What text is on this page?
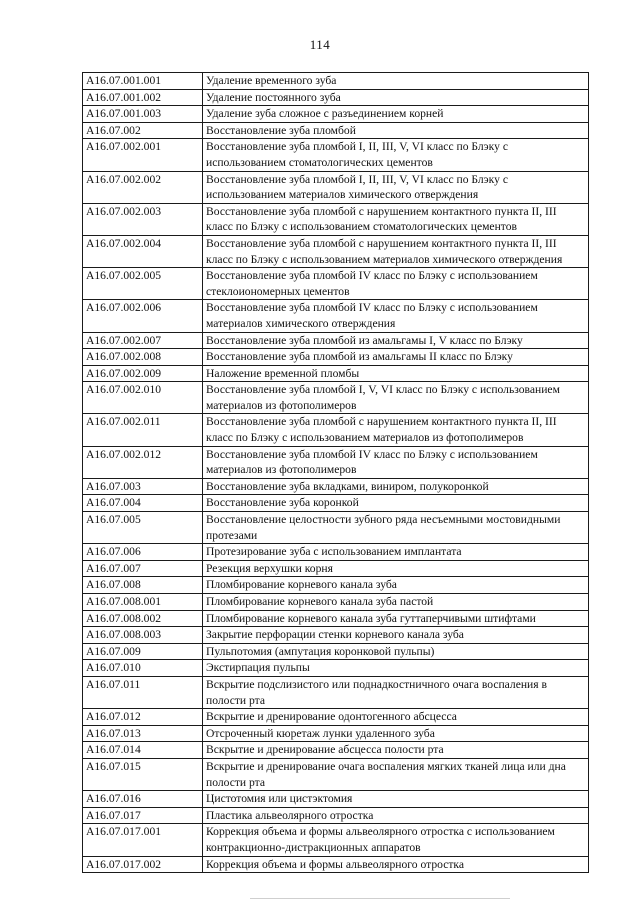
114
A16.07.001.001	Удаление временного зуба
A16.07.001.002	Удаление постоянного зуба
A16.07.001.003	Удаление зуба сложное с разъединением корней
A16.07.002	Восстановление зуба пломбой
A16.07.002.001	Восстановление зуба пломбой I, II, III, V, VI класс по Блэку с использованием стоматологических цементов
A16.07.002.002	Восстановление зуба пломбой I, II, III, V, VI класс по Блэку с использованием материалов химического отверждения
A16.07.002.003	Восстановление зуба пломбой с нарушением контактного пункта II, III класс по Блэку с использованием стоматологических цементов
A16.07.002.004	Восстановление зуба пломбой с нарушением контактного пункта II, III класс по Блэку с использованием материалов химического отверждения
A16.07.002.005	Восстановление зуба пломбой IV класс по Блэку с использованием стеклоиономерных цементов
A16.07.002.006	Восстановление зуба пломбой IV класс по Блэку с использованием материалов химического отверждения
A16.07.002.007	Восстановление зуба пломбой из амальгамы I, V класс по Блэку
A16.07.002.008	Восстановление зуба пломбой из амальгамы II класс по Блэку
A16.07.002.009	Наложение временной пломбы
A16.07.002.010	Восстановление зуба пломбой I, V, VI класс по Блэку с использованием материалов из фотополимеров
A16.07.002.011	Восстановление зуба пломбой с нарушением контактного пункта II, III класс по Блэку с использованием материалов из фотополимеров
A16.07.002.012	Восстановление зуба пломбой IV класс по Блэку с использованием материалов из фотополимеров
A16.07.003	Восстановление зуба вкладками, виниром, полукоронкой
A16.07.004	Восстановление зуба коронкой
A16.07.005	Восстановление целостности зубного ряда несъемными мостовидными протезами
A16.07.006	Протезирование зуба с использованием имплантата
A16.07.007	Резекция верхушки корня
A16.07.008	Пломбирование корневого канала зуба
A16.07.008.001	Пломбирование корневого канала зуба пастой
A16.07.008.002	Пломбирование корневого канала зуба гуттаперчивыми штифтами
A16.07.008.003	Закрытие перфорации стенки корневого канала зуба
A16.07.009	Пульпотомия (ампутация коронковой пульпы)
A16.07.010	Экстирпация пульпы
A16.07.011	Вскрытие подслизистого или поднадкостничного очага воспаления в полости рта
A16.07.012	Вскрытие и дренирование одонтогенного абсцесса
A16.07.013	Отсроченный кюретаж лунки удаленного зуба
A16.07.014	Вскрытие и дренирование абсцесса полости рта
A16.07.015	Вскрытие и дренирование очага воспаления мягких тканей лица или дна полости рта
A16.07.016	Цистотомия или цистэктомия
A16.07.017	Пластика альвеолярного отростка
A16.07.017.001	Коррекция объема и формы альвеолярного отростка с использованием контракционно-дистракционных аппаратов
A16.07.017.002	Коррекция объема и формы альвеолярного отростка
